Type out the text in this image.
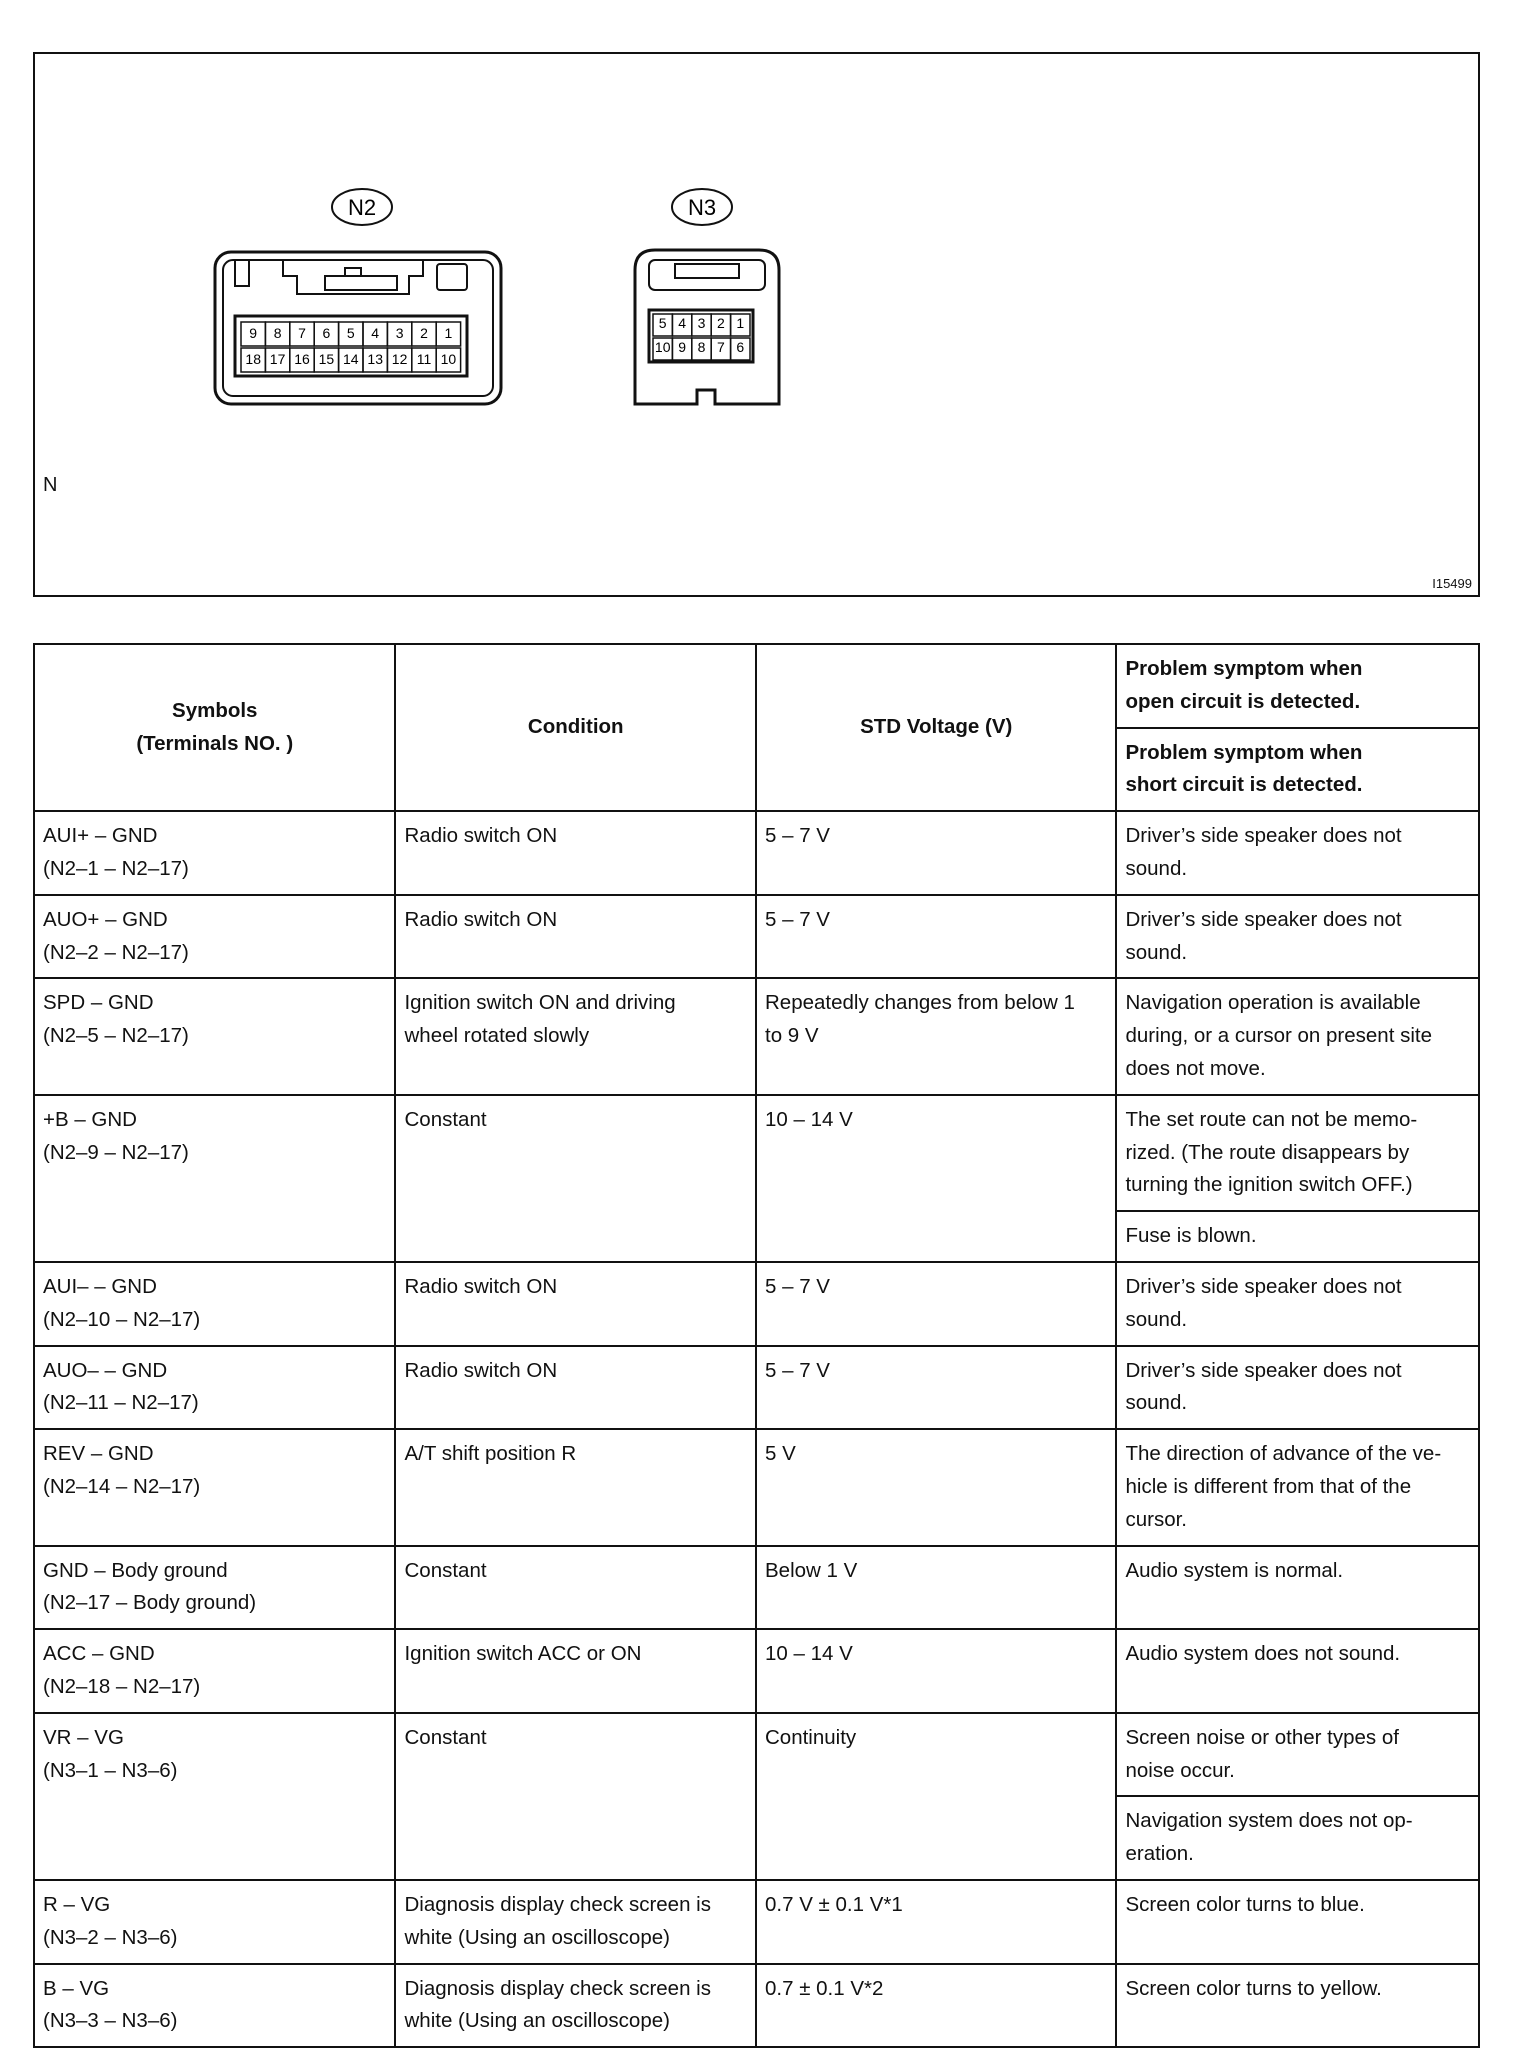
N2
9 8 7 6 5 4 3 2 1
18 17 16 15 14 13 12 11 10
N3
5 4 3 2 1
10 9 8 7 6
N
I15499
Symbols
(Terminals NO. )	Condition	STD Voltage (V)	Problem symptom when
open circuit is detected.

			Problem symptom when
short circuit is detected.

AUI+ – GND
(N2–1 – N2–17)	Radio switch ON	5 – 7 V	Driver’s side speaker does not
sound.

AUO+ – GND
(N2–2 – N2–17)	Radio switch ON	5 – 7 V	Driver’s side speaker does not
sound.

SPD – GND
(N2–5 – N2–17)	Ignition switch ON and driving
wheel rotated slowly	Repeatedly changes from below 1
to 9 V	Navigation operation is available
during, or a cursor on present site
does not move.

+B – GND
(N2–9 – N2–17)	Constant	10 – 14 V	The set route can not be memo-
rized. (The route disappears by
turning the ignition switch OFF.)

			Fuse is blown.

AUI– – GND
(N2–10 – N2–17)	Radio switch ON	5 – 7 V	Driver’s side speaker does not
sound.

AUO– – GND
(N2–11 – N2–17)	Radio switch ON	5 – 7 V	Driver’s side speaker does not
sound.

REV – GND
(N2–14 – N2–17)	A/T shift position R	5 V	The direction of advance of the ve-
hicle is different from that of the
cursor.

GND – Body ground
(N2–17 – Body ground)	Constant	Below 1 V	Audio system is normal.

ACC – GND
(N2–18 – N2–17)	Ignition switch ACC or ON	10 – 14 V	Audio system does not sound.

VR – VG
(N3–1 – N3–6)	Constant	Continuity	Screen noise or other types of
noise occur.

			Navigation system does not op-
eration.

R – VG
(N3–2 – N3–6)	Diagnosis display check screen is
white (Using an oscilloscope)	0.7 V ± 0.1 V*1	Screen color turns to blue.

B – VG
(N3–3 – N3–6)	Diagnosis display check screen is
white (Using an oscilloscope)	0.7 ± 0.1 V*2	Screen color turns to yellow.
